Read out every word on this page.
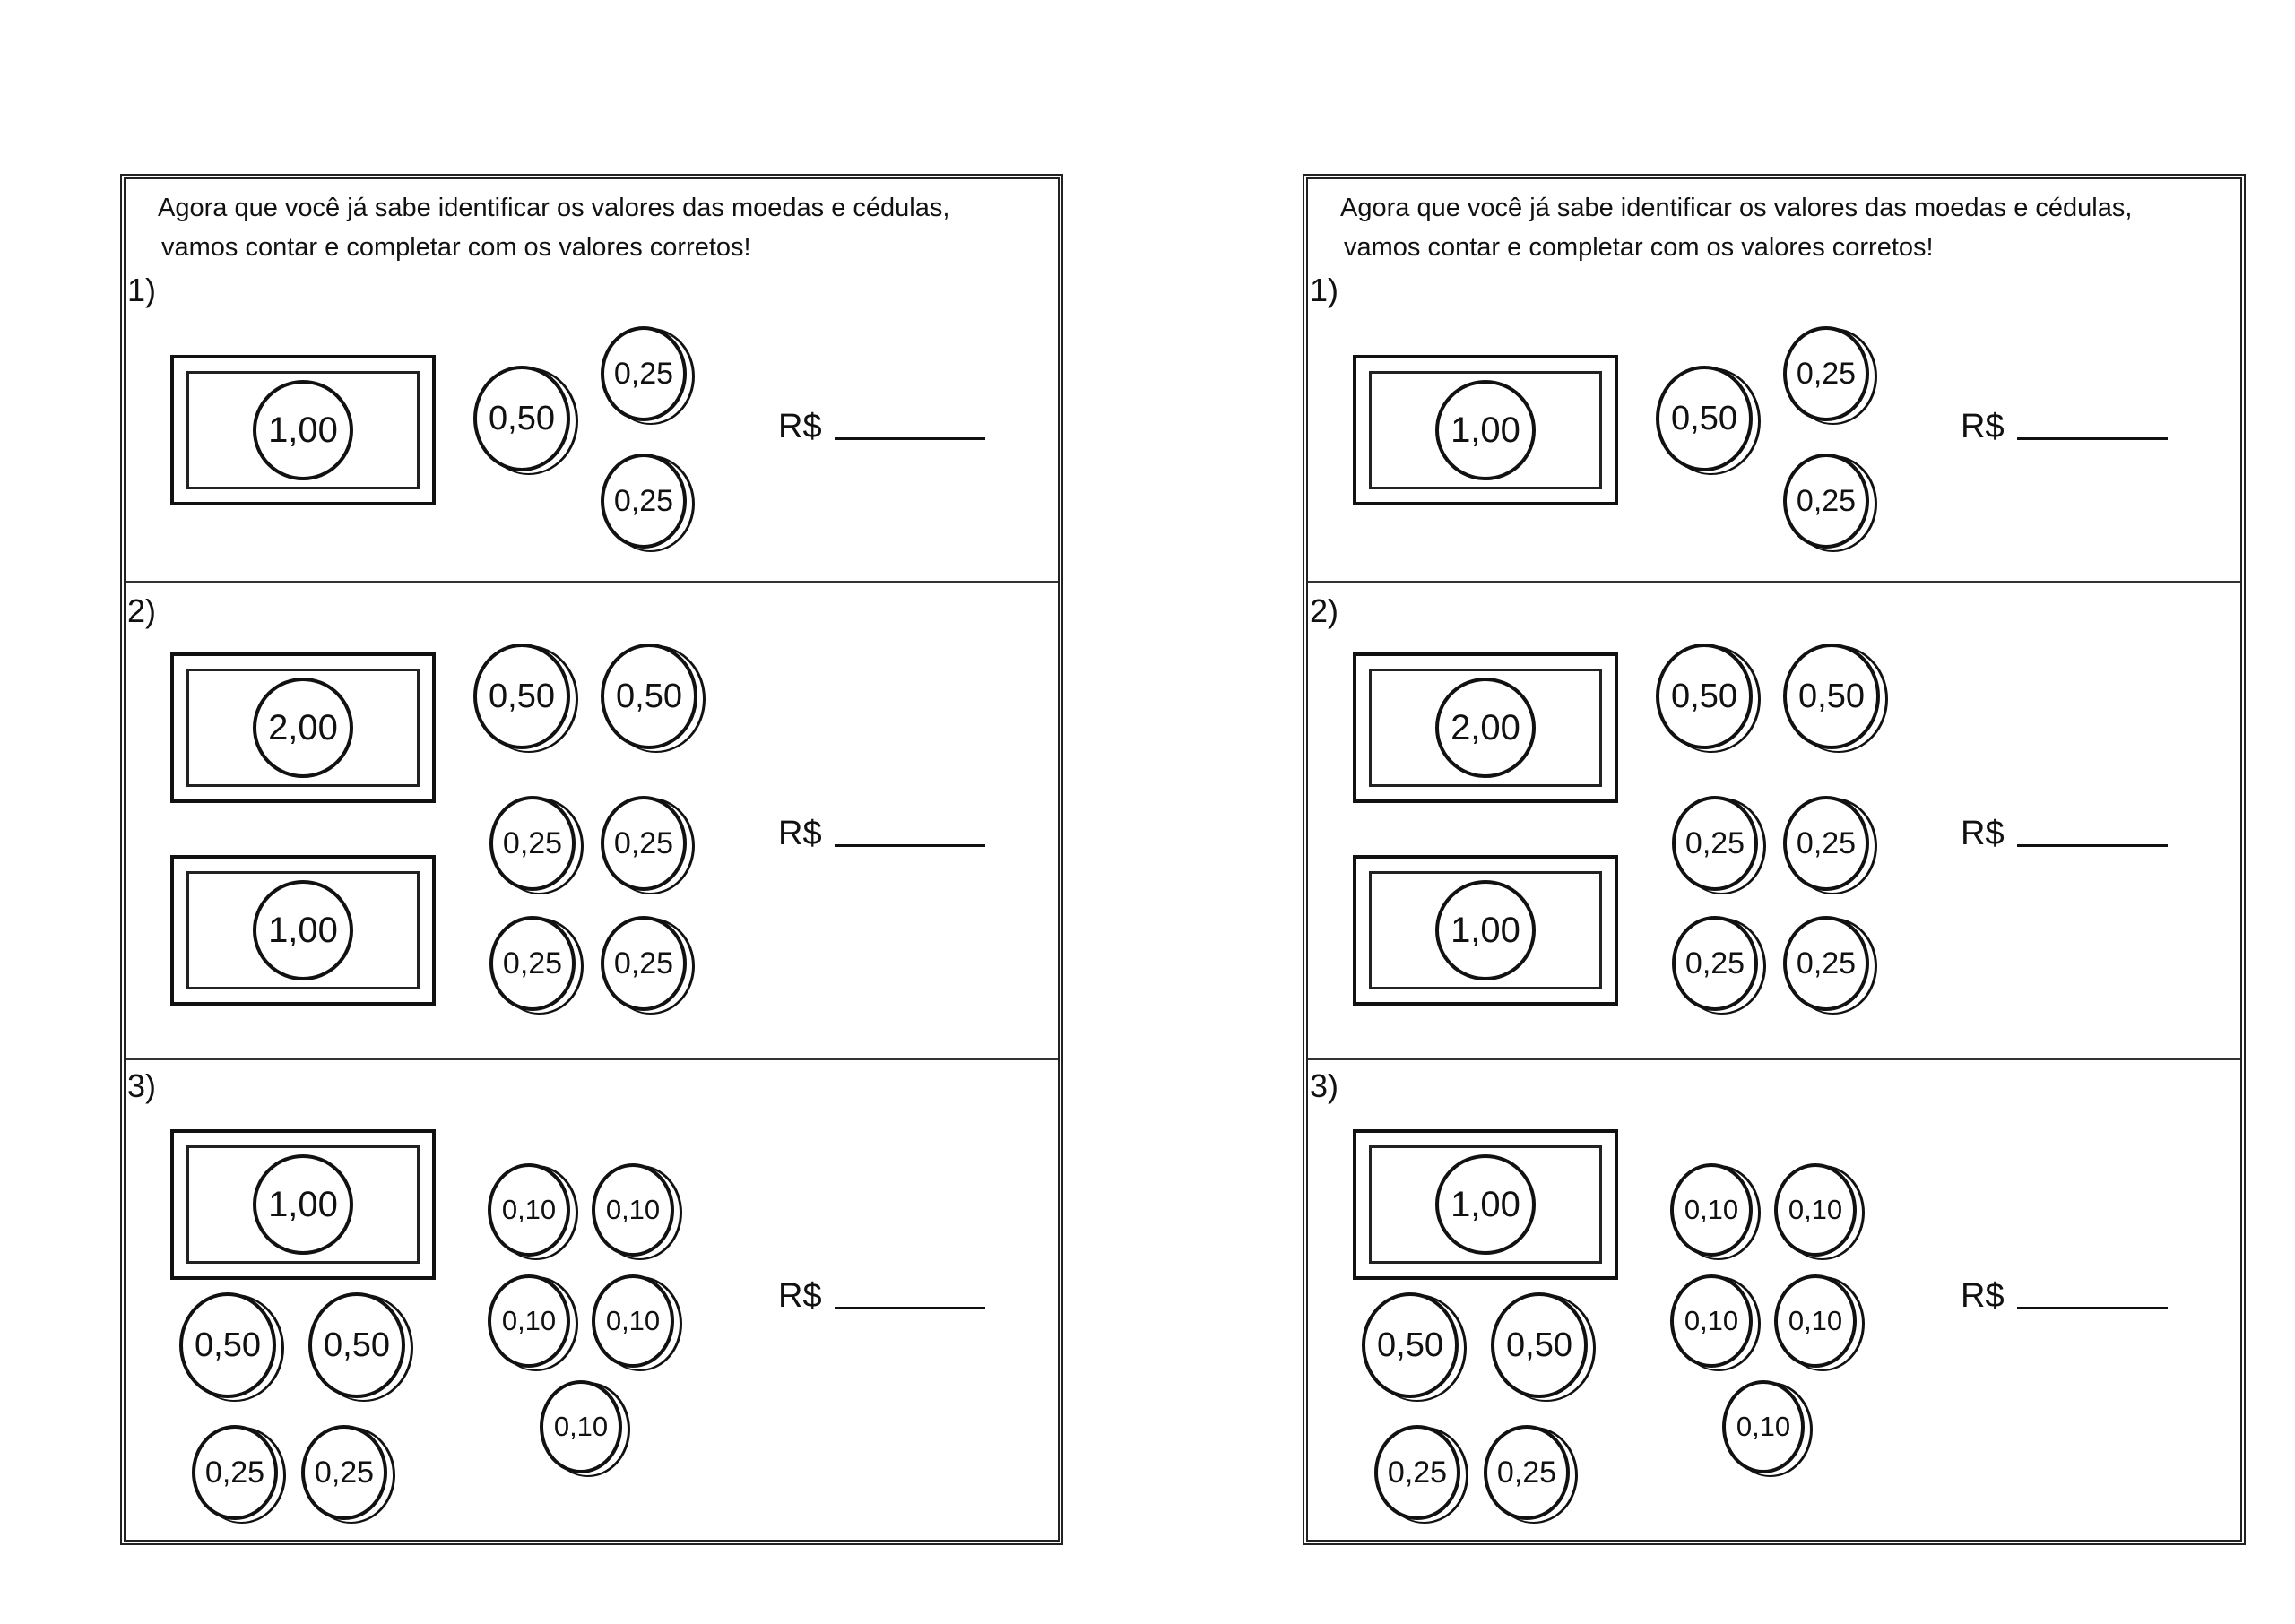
Agora que você já sabe identificar os valores das moedas e cédulas,
vamos contar e completar com os valores corretos!
1)
1,00	0,50
0,25
0,25
R$
2)
2,00
1,00
0,50	0,50
0,25	0,25
0,25	0,25
R$
3)
1,00
0,50	0,50
0,25	0,25
0,10	0,10
0,10	0,10
0,10
R$
Agora que você já sabe identificar os valores das moedas e cédulas,
vamos contar e completar com os valores corretos!
1)
1,00	0,50
0,25
0,25
R$
2)
2,00
1,00
0,50	0,50
0,25	0,25
0,25	0,25
R$
3)
1,00
0,50	0,50
0,25	0,25
0,10	0,10
0,10	0,10
0,10
R$
